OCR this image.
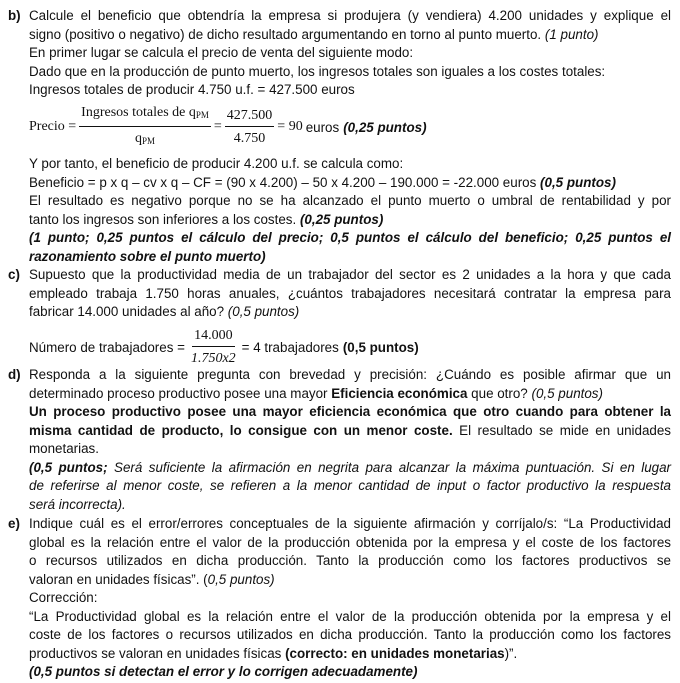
b) Calcule el beneficio que obtendría la empresa si produjera (y vendiera) 4.200 unidades y explique el
signo (positivo o negativo) de dicho resultado argumentando en torno al punto muerto. (1 punto)
En primer lugar se calcula el precio de venta del siguiente modo:
Dado que en la producción de punto muerto, los ingresos totales son iguales a los costes totales:
Ingresos totales de producir 4.750 u.f. = 427.500 euros
Precio = $\frac{Ingresos totales de q_{PM}}{q_{PM}} = \frac{427.500}{4.750} = 90$ euros (0,25 puntos)
Y por tanto, el beneficio de producir 4.200 u.f. se calcula como:
Beneficio = p x q – cv x q – CF = (90 x 4.200) – 50 x 4.200 – 190.000 = -22.000 euros (0,5 puntos)
El resultado es negativo porque no se ha alcanzado el punto muerto o umbral de rentabilidad y por
tanto los ingresos son inferiores a los costes. (0,25 puntos)
(1 punto; 0,25 puntos el cálculo del precio; 0,5 puntos el cálculo del beneficio; 0,25 puntos el
razonamiento sobre el punto muerto)
c) Supuesto que la productividad media de un trabajador del sector es 2 unidades a la hora y que cada
empleado trabaja 1.750 horas anuales, ¿cuántos trabajadores necesitará contratar la empresa para
fabricar 14.000 unidades al año? (0,5 puntos)
Número de trabajadores = $\frac{14.000}{1.750x2} = 4$ trabajadores (0,5 puntos)
d) Responda a la siguiente pregunta con brevedad y precisión: ¿Cuándo es posible afirmar que un
determinado proceso productivo posee una mayor Eficiencia económica que otro? (0,5 puntos)
Un proceso productivo posee una mayor eficiencia económica que otro cuando para obtener la
misma cantidad de producto, lo consigue con un menor coste. El resultado se mide en unidades
monetarias.
(0,5 puntos; Será suficiente la afirmación en negrita para alcanzar la máxima puntuación. Si en lugar
de referirse al menor coste, se refieren a la menor cantidad de input o factor productivo la respuesta
será incorrecta).
e) Indique cuál es el error/errores conceptuales de la siguiente afirmación y corríjalo/s: “La Productividad
global es la relación entre el valor de la producción obtenida por la empresa y el coste de los factores
o recursos utilizados en dicha producción. Tanto la producción como los factores productivos se
valoran en unidades físicas”. (0,5 puntos)
Corrección:
“La Productividad global es la relación entre el valor de la producción obtenida por la empresa y el
coste de los factores o recursos utilizados en dicha producción. Tanto la producción como los factores
productivos se valoran en unidades físicas (correcto: en unidades monetarias)”.
(0,5 puntos si detectan el error y lo corrigen adecuadamente)
